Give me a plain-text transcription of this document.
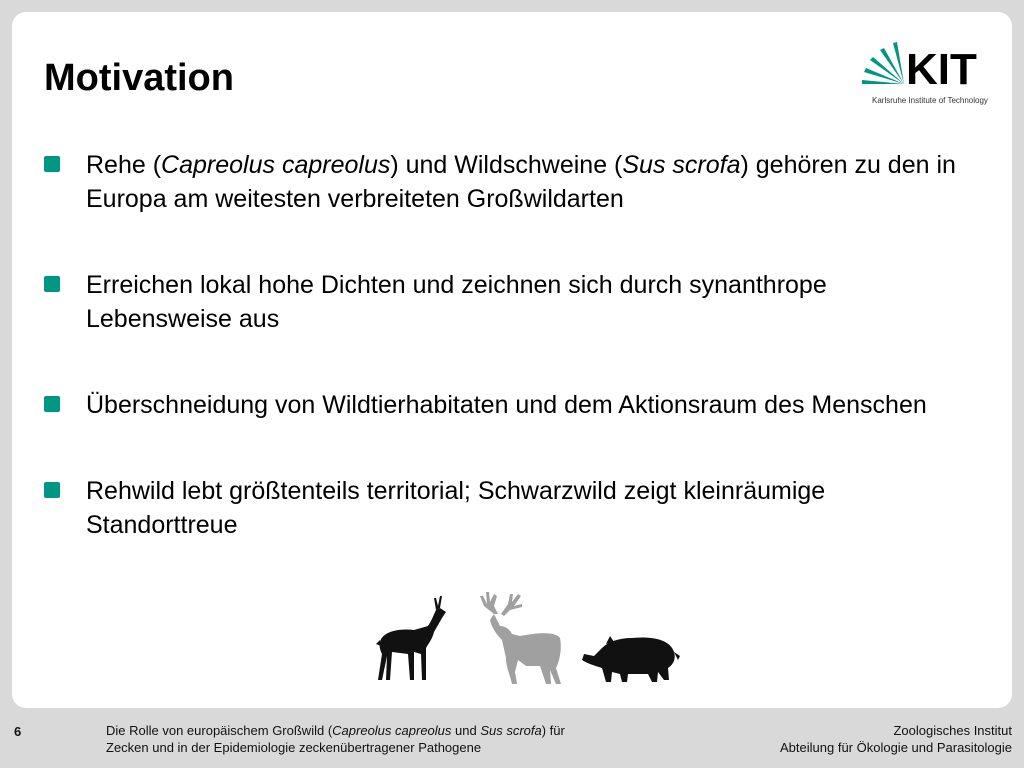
Motivation	KIT
Karlsruhe Institute of Technology
Rehe (Capreolus capreolus) und Wildschweine (Sus scrofa) gehören zu den in Europa am weitesten verbreiteten Großwildarten
Erreichen lokal hohe Dichten und zeichnen sich durch synanthrope Lebensweise aus
Überschneidung von Wildtierhabitaten und dem Aktionsraum des Menschen
Rehwild lebt größtenteils territorial; Schwarzwild zeigt kleinräumige Standorttreue
6	Die Rolle von europäischem Großwild (Capreolus capreolus und Sus scrofa) für
Zecken und in der Epidemiologie zeckenübertragener Pathogene
Zoologisches Institut
Abteilung für Ökologie und Parasitologie
